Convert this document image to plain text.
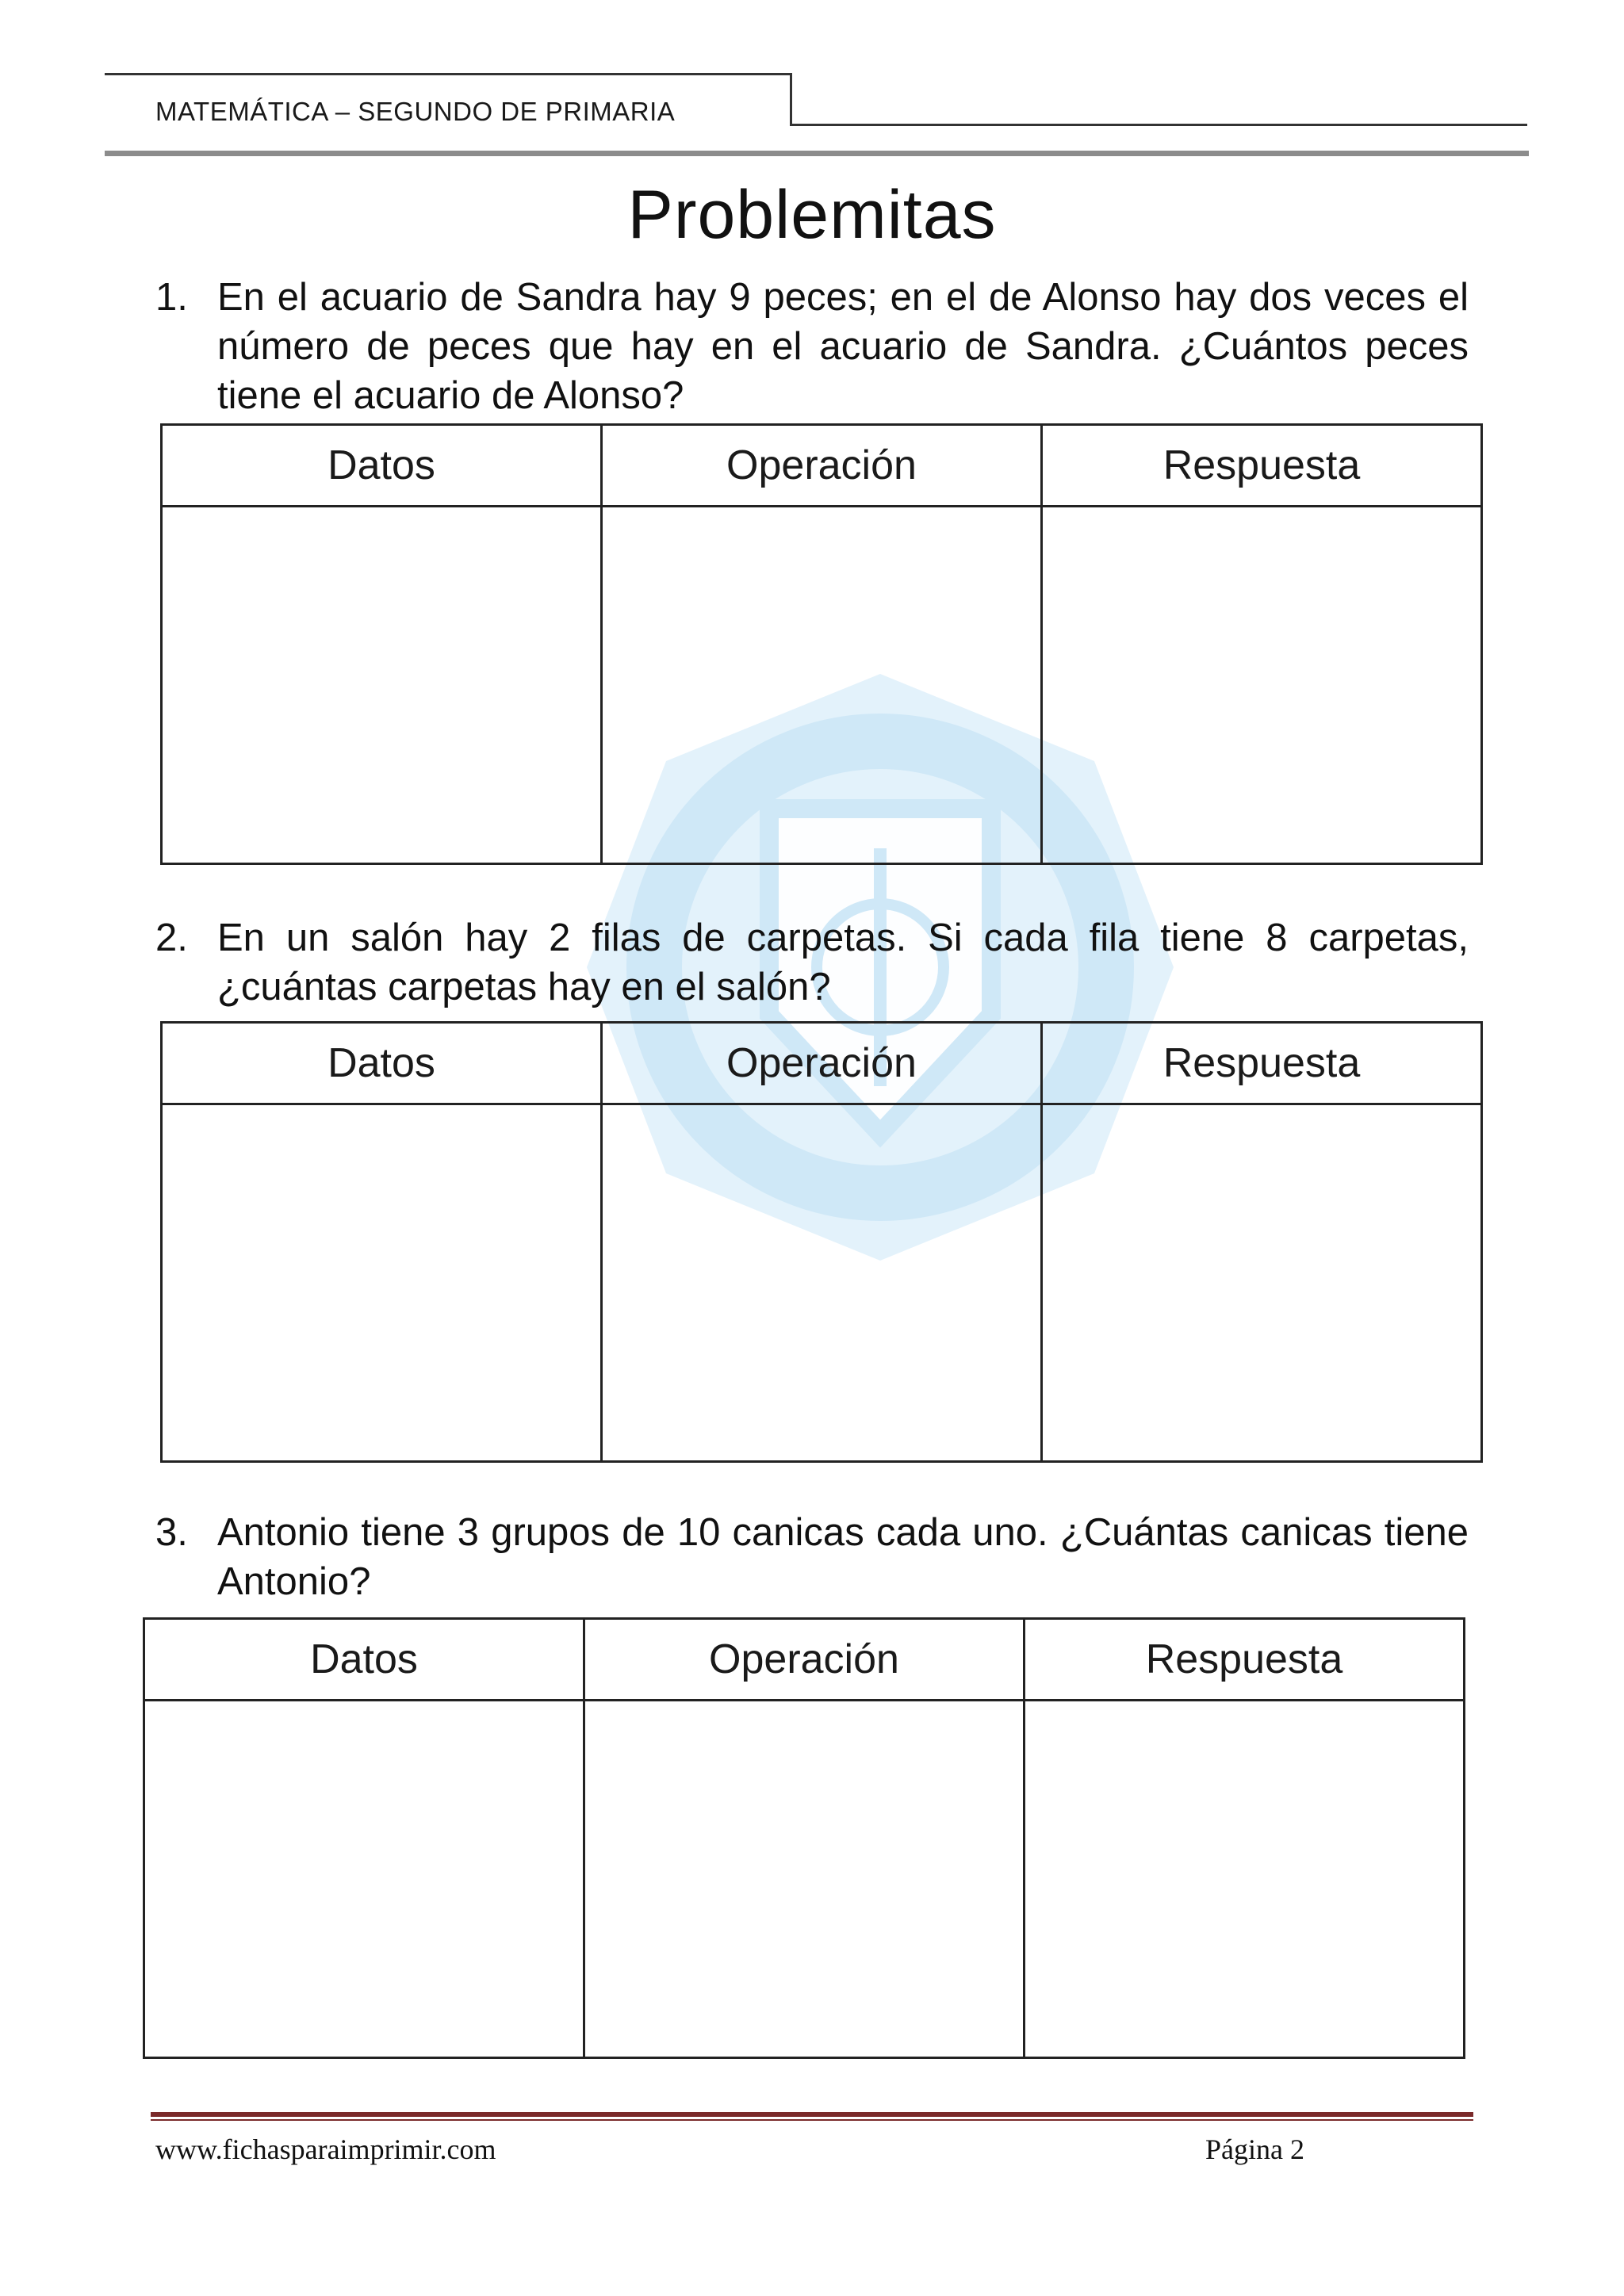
MATEMÁTICA – SEGUNDO DE PRIMARIA
Problemitas
1. En el acuario de Sandra hay 9 peces; en el de Alonso hay dos veces el número de peces que hay en el acuario de Sandra. ¿Cuántos peces tiene el acuario de Alonso?
Datos	Operación	Respuesta

2. En un salón hay 2 filas de carpetas. Si cada fila tiene 8 carpetas, ¿cuántas carpetas hay en el salón?
Datos	Operación	Respuesta

3. Antonio tiene 3 grupos de 10 canicas cada uno. ¿Cuántas canicas tiene Antonio?
Datos	Operación	Respuesta

www.fichasparaimprimir.com	Página 2
